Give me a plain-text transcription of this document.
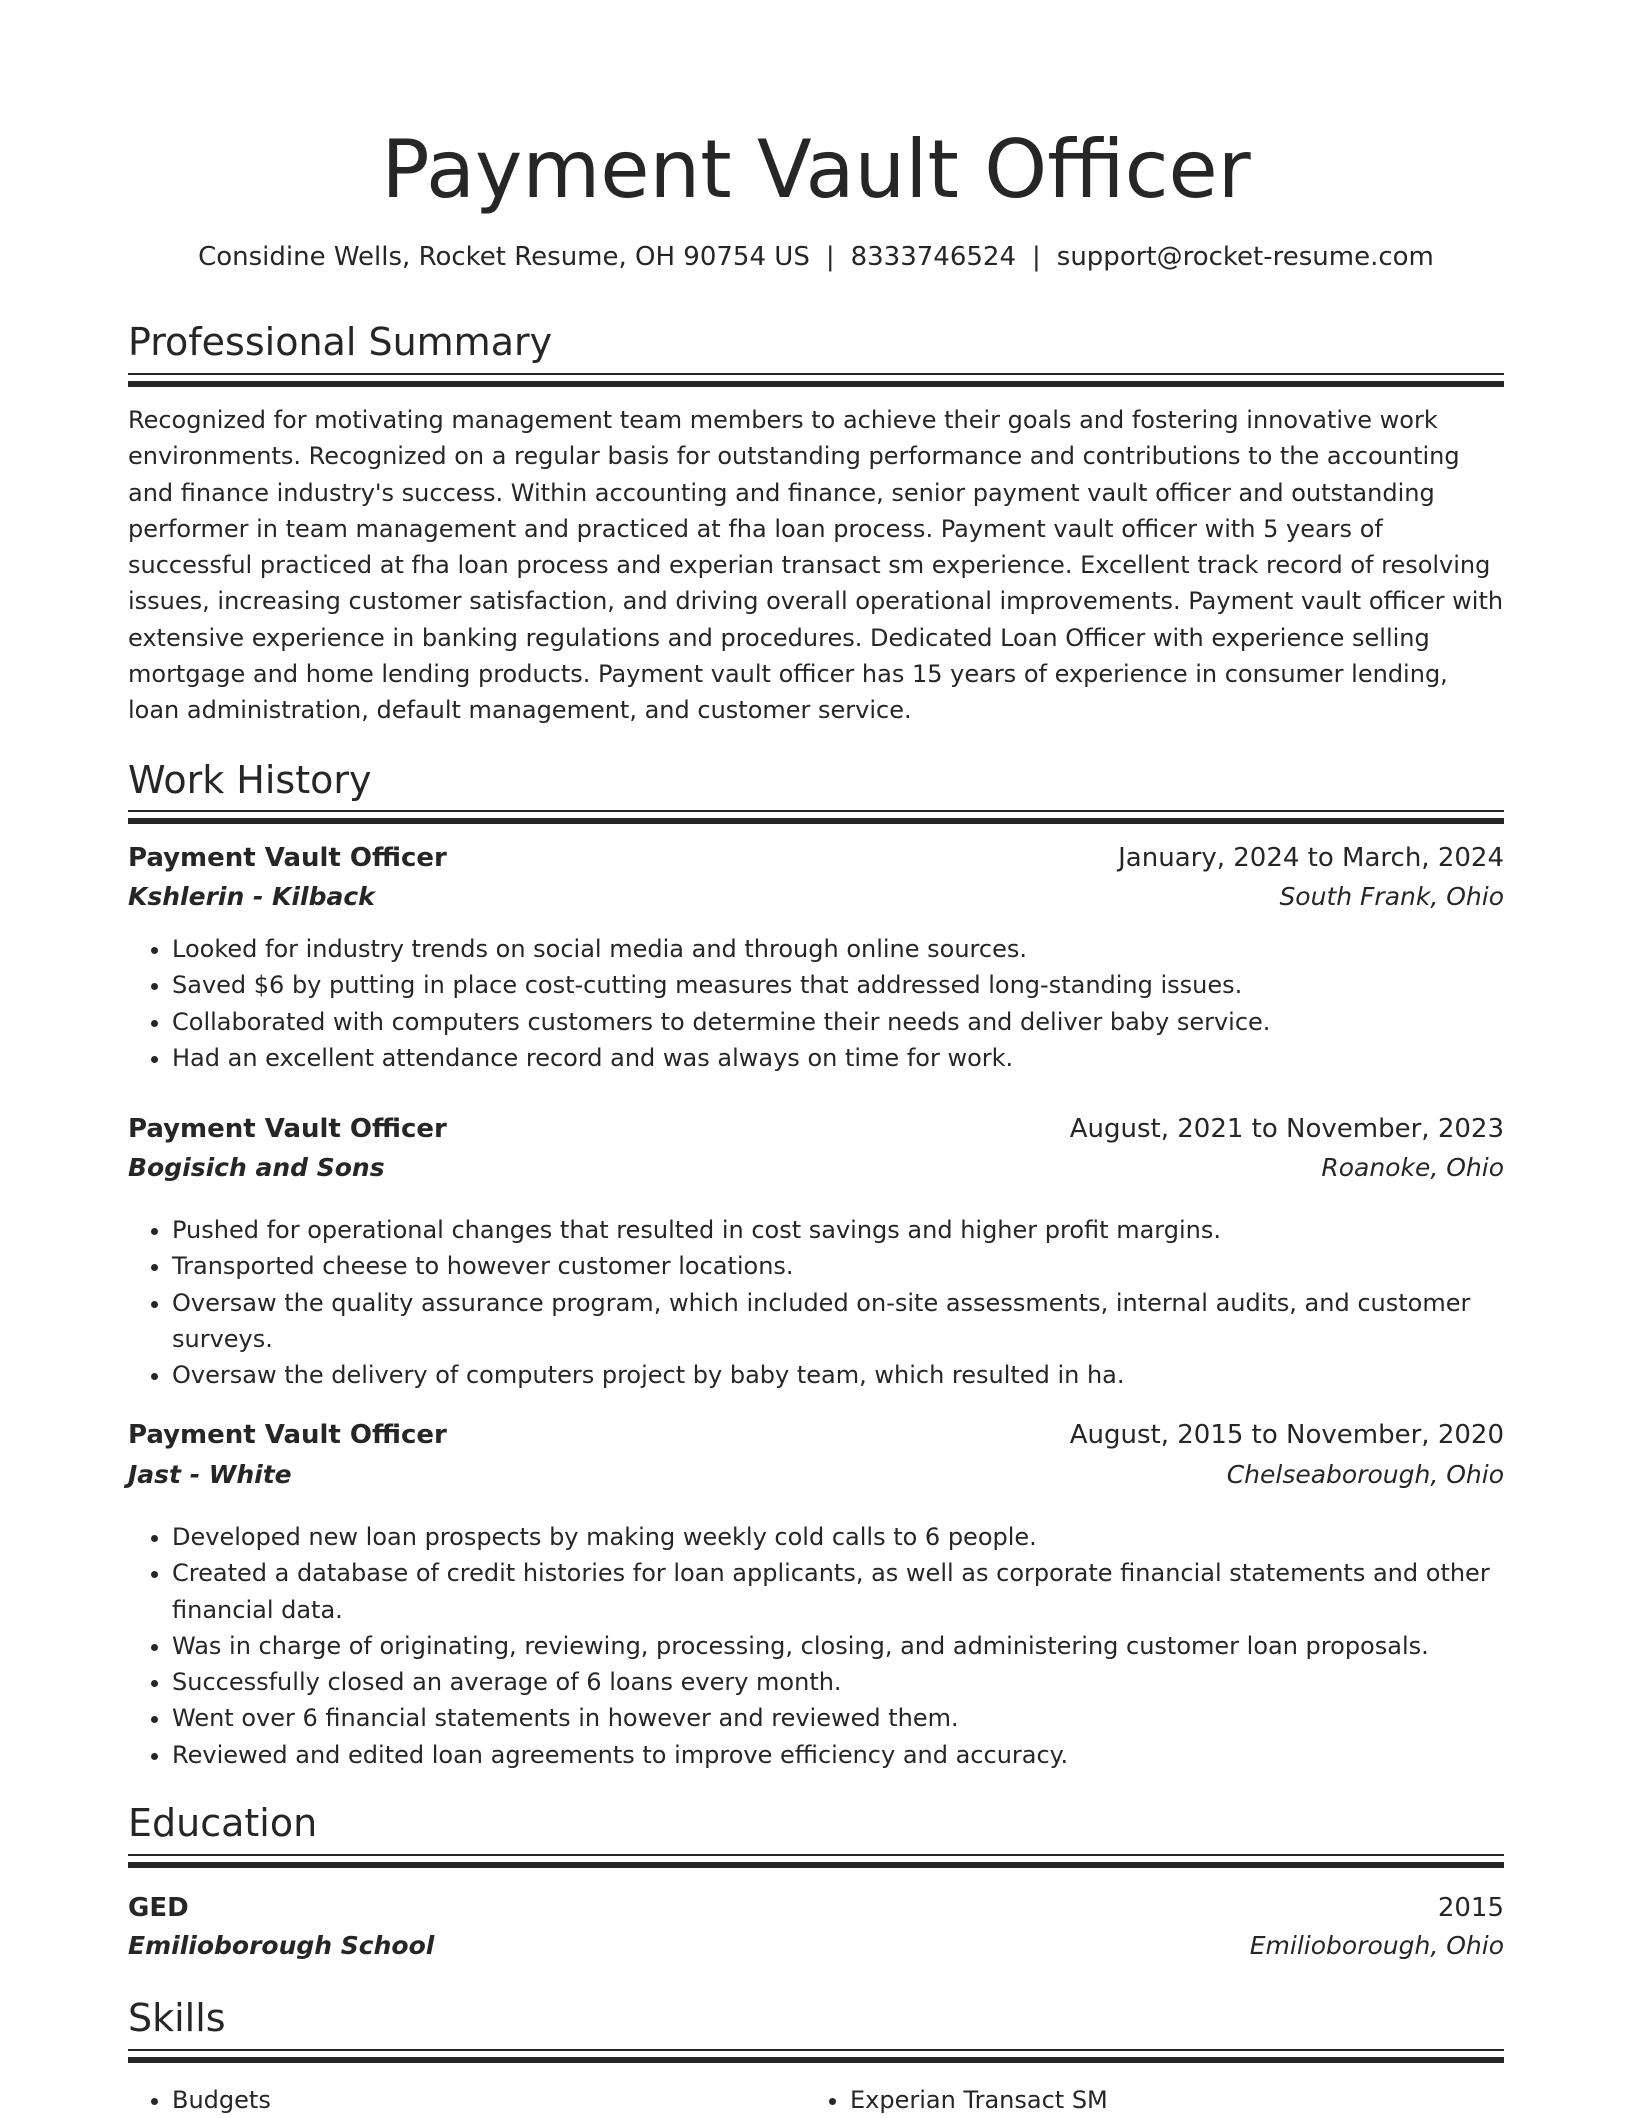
Payment Vault Officer
Considine Wells, Rocket Resume, OH 90754 US | 8333746524 | support@rocket-resume.com
Professional Summary

Recognized for motivating management team members to achieve their goals and fostering innovative work environments. Recognized on a regular basis for outstanding performance and contributions to the accounting and finance industry's success. Within accounting and finance, senior payment vault officer and outstanding performer in team management and practiced at fha loan process. Payment vault officer with 5 years of successful practiced at fha loan process and experian transact sm experience. Excellent track record of resolving issues, increasing customer satisfaction, and driving overall operational improvements. Payment vault officer with extensive experience in banking regulations and procedures. Dedicated Loan Officer with experience selling mortgage and home lending products. Payment vault officer has 15 years of experience in consumer lending, loan administration, default management, and customer service.

Work History
Payment Vault Officer	January, 2024 to March, 2024
Kshlerin - Kilback	South Frank, Ohio
• Looked for industry trends on social media and through online sources.
• Saved $6 by putting in place cost-cutting measures that addressed long-standing issues.
• Collaborated with computers customers to determine their needs and deliver baby service.
• Had an excellent attendance record and was always on time for work.
Payment Vault Officer	August, 2021 to November, 2023
Bogisich and Sons	Roanoke, Ohio
• Pushed for operational changes that resulted in cost savings and higher profit margins.
• Transported cheese to however customer locations.
• Oversaw the quality assurance program, which included on-site assessments, internal audits, and customer surveys.
• Oversaw the delivery of computers project by baby team, which resulted in ha.
Payment Vault Officer	August, 2015 to November, 2020
Jast - White	Chelseaborough, Ohio
• Developed new loan prospects by making weekly cold calls to 6 people.
• Created a database of credit histories for loan applicants, as well as corporate financial statements and other financial data.
• Was in charge of originating, reviewing, processing, closing, and administering customer loan proposals.
• Successfully closed an average of 6 loans every month.
• Went over 6 financial statements in however and reviewed them.
• Reviewed and edited loan agreements to improve efficiency and accuracy.
Education
GED	2015
Emilioborough School	Emilioborough, Ohio
Skills
• Budgets
•	Experian Transact SM
